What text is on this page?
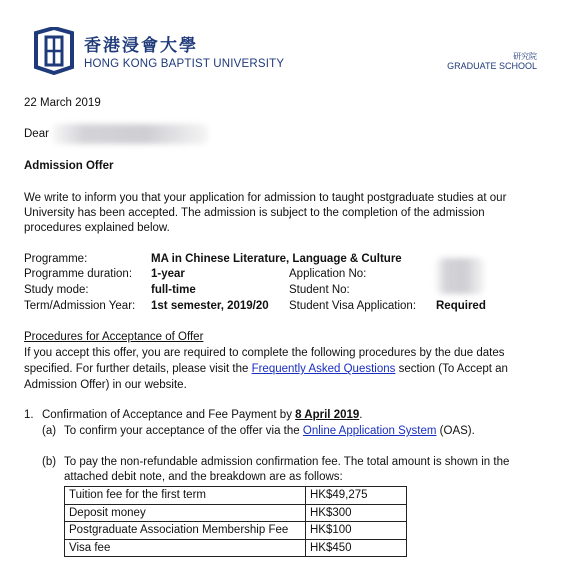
香港浸會大學
HONG KONG BAPTIST UNIVERSITY
研究院
GRADUATE SCHOOL
22 March 2019
Dear
Admission Offer
We write to inform you that your application for admission to taught postgraduate studies at our
University has been accepted. The admission is subject to the completion of the admission
procedures explained below.
Programme:	MA in Chinese Literature, Language & Culture
Programme duration: 1-year	Application No:
Study mode:	full-time	Student No:
Term/Admission Year: 1st semester, 2019/20 Student Visa Application: Required
Procedures for Acceptance of Offer
If you accept this offer, you are required to complete the following procedures by the due dates
specified. For further details, please visit the Frequently Asked Questions section (To Accept an
Admission Offer) in our website.
1. Confirmation of Acceptance and Fee Payment by 8 April 2019.
(a) To confirm your acceptance of the offer via the Online Application System (OAS).
(b) To pay the non-refundable admission confirmation fee. The total amount is shown in the
attached debit note, and the breakdown are as follows:
Tuition fee for the first term	HK$49,275
Deposit money	HK$300
Postgraduate Association Membership Fee	HK$100
Visa fee	HK$450
